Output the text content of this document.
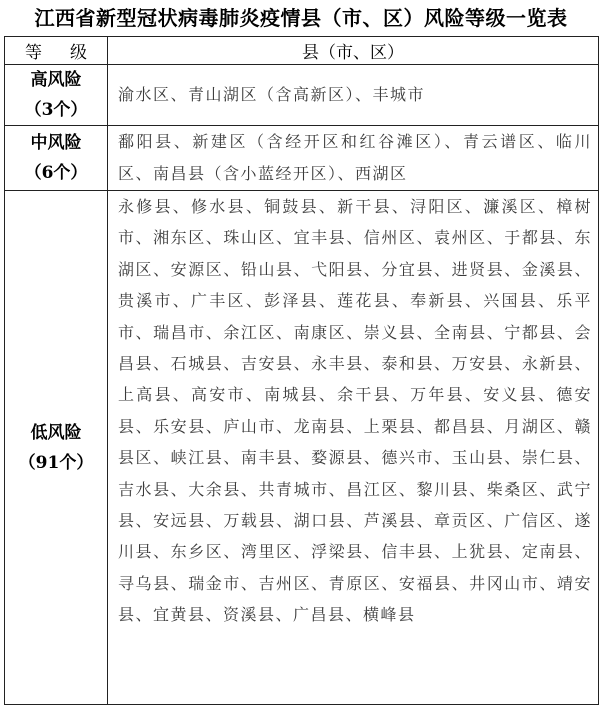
江西省新型冠状病毒肺炎疫情县（市、区）风险等级一览表
等级	县（市、区）

高风险
（3个）	渝水区、青山湖区（含高新区）、丰城市

中风险
（6个）	鄱阳县、新建区（含经开区和红谷滩区）、青云谱区、临川区、南昌县（含小蓝经开区）、西湖区

低风险
（91个）	永修县、修水县、铜鼓县、新干县、浔阳区、濂溪区、樟树市、湘东区、珠山区、宜丰县、信州区、袁州区、于都县、东湖区、安源区、铅山县、弋阳县、分宜县、进贤县、金溪县、贵溪市、广丰区、彭泽县、莲花县、奉新县、兴国县、乐平市、瑞昌市、余江区、南康区、崇义县、全南县、宁都县、会昌县、石城县、吉安县、永丰县、泰和县、万安县、永新县、上高县、高安市、南城县、余干县、万年县、安义县、德安县、乐安县、庐山市、龙南县、上栗县、都昌县、月湖区、赣县区、峡江县、南丰县、婺源县、德兴市、玉山县、崇仁县、吉水县、大余县、共青城市、昌江区、黎川县、柴桑区、武宁县、安远县、万载县、湖口县、芦溪县、章贡区、广信区、遂川县、东乡区、湾里区、浮梁县、信丰县、上犹县、定南县、寻乌县、瑞金市、吉州区、青原区、安福县、井冈山市、靖安县、宜黄县、资溪县、广昌县、横峰县
